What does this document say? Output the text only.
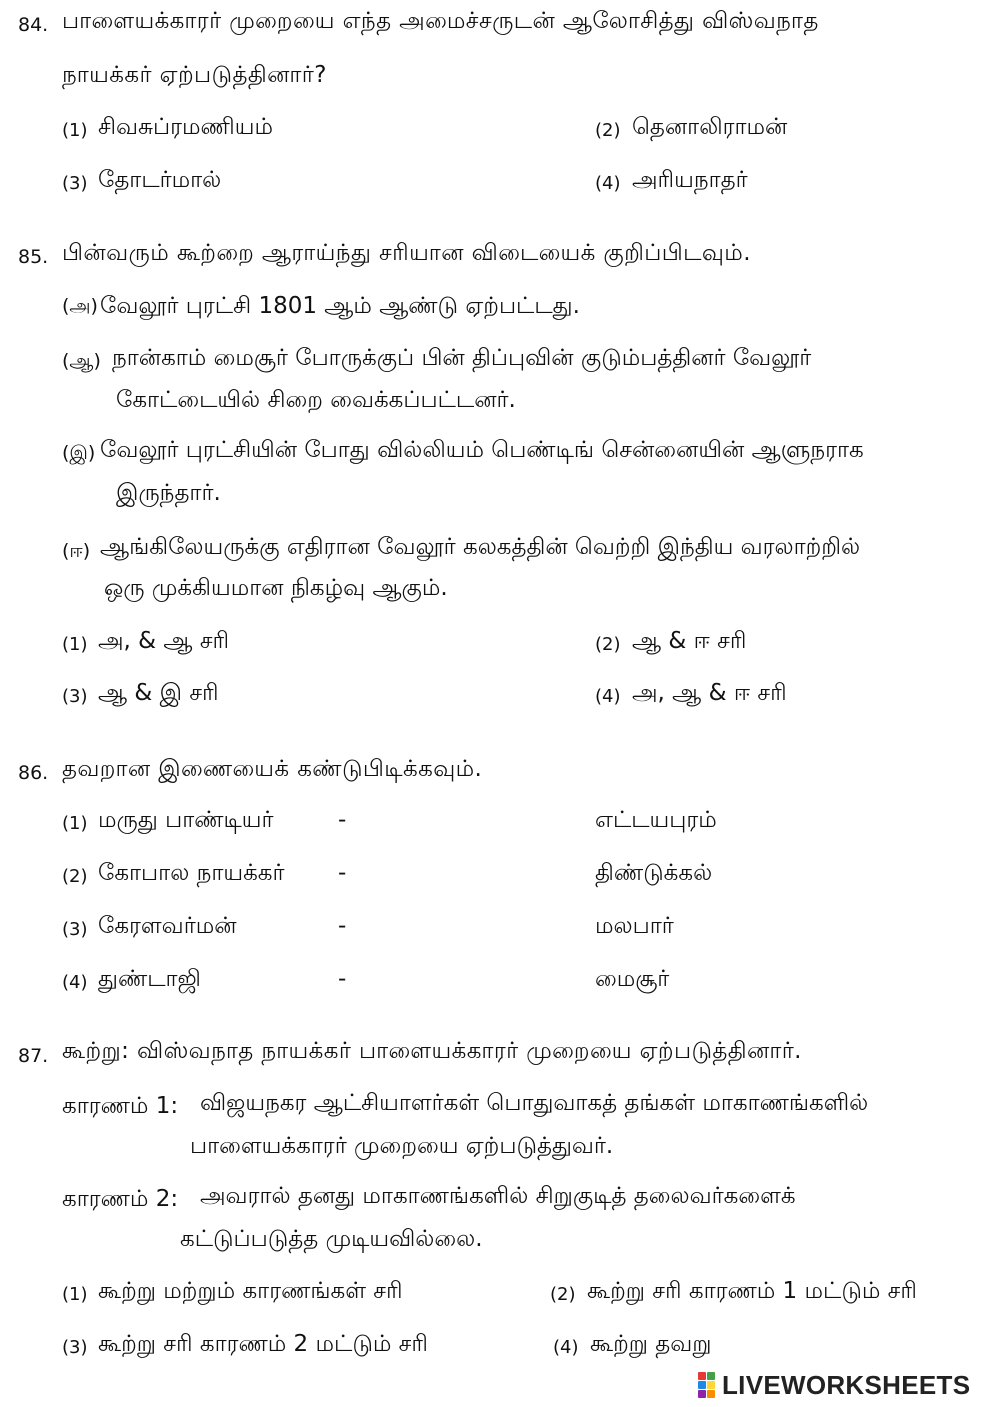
84. பாளையக்காரர் முறையை எந்த அமைச்சருடன் ஆலோசித்து விஸ்வநாத
நாயக்கர் ஏற்படுத்தினார்?
(1) சிவசுப்ரமணியம்	(2) தெனாலிராமன்
(3) தோடர்மால்	(4) அரியநாதர்
85. பின்வரும் கூற்றை ஆராய்ந்து சரியான விடையைக் குறிப்பிடவும்.
(அ) வேலூர் புரட்சி 1801 ஆம் ஆண்டு ஏற்பட்டது.
(ஆ) நான்காம் மைசூர் போருக்குப் பின் திப்புவின் குடும்பத்தினர் வேலூர்
கோட்டையில் சிறை வைக்கப்பட்டனர்.
(இ) வேலூர் புரட்சியின் போது வில்லியம் பெண்டிங் சென்னையின் ஆளுநராக
இருந்தார்.
(ஈ) ஆங்கிலேயருக்கு எதிரான வேலூர் கலகத்தின் வெற்றி இந்திய வரலாற்றில்
ஒரு முக்கியமான நிகழ்வு ஆகும்.
(1) அ, & ஆ சரி	(2) ஆ & ஈ சரி
(3) ஆ & இ சரி	(4) அ, ஆ & ஈ சரி
86. தவறான இணையைக் கண்டுபிடிக்கவும்.
(1) மருது பாண்டியர்	-	எட்டயபுரம்
(2) கோபால நாயக்கர் -	திண்டுக்கல்
(3) கேரளவர்மன்	-	மலபார்
(4) துண்டாஜி	-	மைசூர்
87. கூற்று: விஸ்வநாத நாயக்கர் பாளையக்காரர் முறையை ஏற்படுத்தினார்.
காரணம் 1: விஜயநகர ஆட்சியாளர்கள் பொதுவாகத் தங்கள் மாகாணங்களில்
பாளையக்காரர் முறையை ஏற்படுத்துவர்.
காரணம் 2: அவரால் தனது மாகாணங்களில் சிறுகுடித் தலைவர்களைக்
கட்டுப்படுத்த முடியவில்லை.
(1) கூற்று மற்றும் காரணங்கள் சரி	(2) கூற்று சரி காரணம் 1 மட்டும் சரி
(3) கூற்று சரி காரணம் 2 மட்டும் சரி	(4) கூற்று தவறு
LIVEWORKSHEETS
